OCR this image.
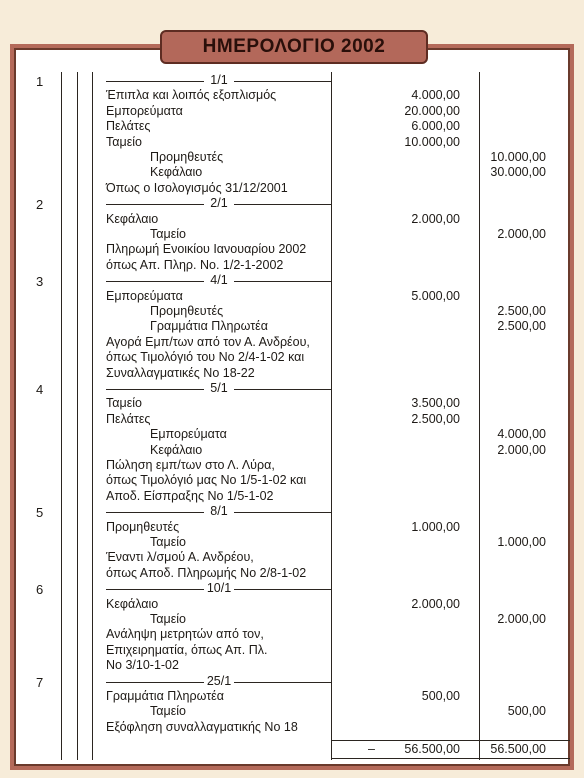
ΗΜΕΡΟΛΟΓΙΟ 2002
1
4.000,00
20.000,00
6.000,00
10.000,00
10.000,00
30.000,00
1/1
Έπιπλα και λοιπός εξοπλισμός
Εμπορεύματα
Πελάτες
Ταμείο
Προμηθευτές
Κεφάλαιο
Όπως ο Ισολογισμός 31/12/2001
2
2.000,00
2.000,00
2/1
Κεφάλαιο
Ταμείο
Πληρωμή Ενοικίου Ιανουαρίου 2002
όπως Απ. Πληρ. Νο. 1/2-1-2002
3
5.000,00
2.500,00
2.500,00
4/1
Εμπορεύματα
Προμηθευτές
Γραμμάτια Πληρωτέα
Αγορά Εμπ/των από τον Α. Ανδρέου,
όπως Τιμολόγιό του Νο 2/4-1-02 και
Συναλλαγματικές Νο 18-22
4
3.500,00
2.500,00
4.000,00
2.000,00
5/1
Ταμείο
Πελάτες
Εμπορεύματα
Κεφάλαιο
Πώληση εμπ/των στο Λ. Λύρα,
όπως Τιμολόγιό μας Νο 1/5-1-02 και
Αποδ. Είσπραξης Νο 1/5-1-02
5
1.000,00
1.000,00
8/1
Προμηθευτές
Ταμείο
Έναντι λ/σμού Α. Ανδρέου,
όπως Αποδ. Πληρωμής Νο 2/8-1-02
6
2.000,00
2.000,00
10/1
Κεφάλαιο
Ταμείο
Ανάληψη μετρητών από τον,
Επιχειρηματία, όπως Απ. Πλ.
Νο 3/10-1-02
7
500,00
500,00
25/1
Γραμμάτια Πληρωτέα
Ταμείο
Εξόφληση συναλλαγματικής Νο 18
–	56.500,00	56.500,00
